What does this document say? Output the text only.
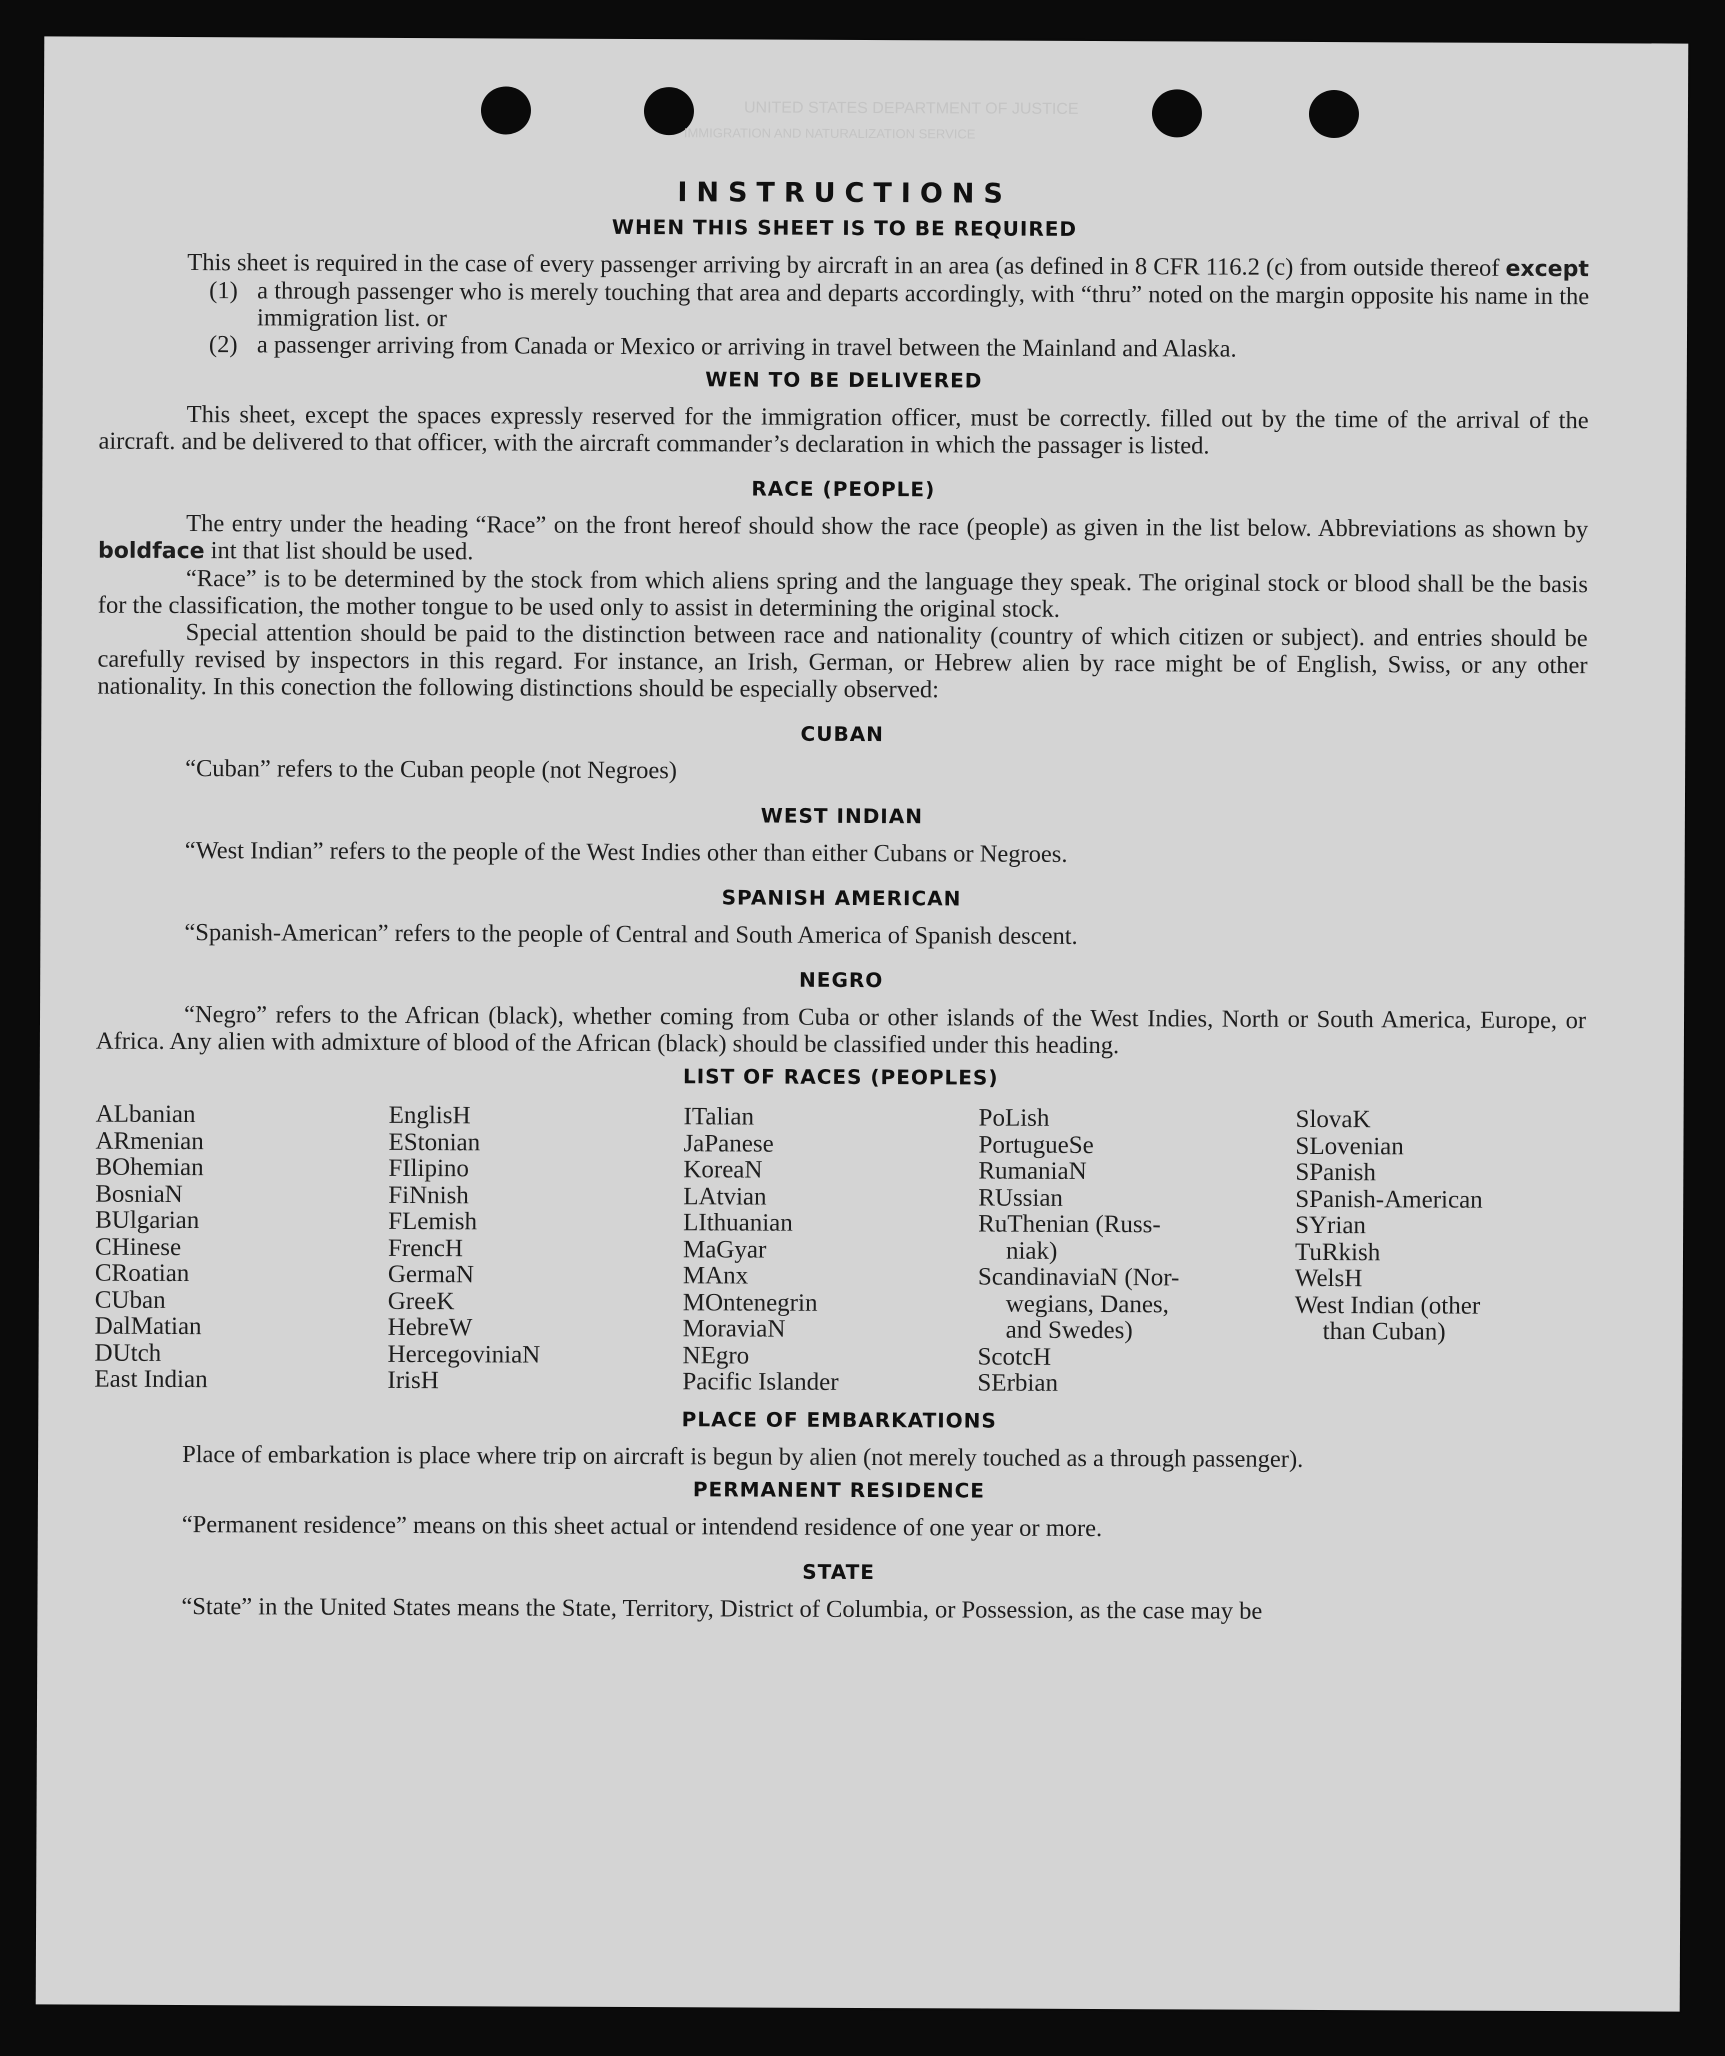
UNITED STATES DEPARTMENT OF JUSTICE
IMMIGRATION AND NATURALIZATION SERVICE
INSTRUCTIONS
WHEN THIS SHEET IS TO BE REQUIRED

This sheet is required in the case of every passenger arriving by aircraft in an area (as defined in 8 CFR 116.2 (c) from outside thereof except

(1) a through passenger who is merely touching that area and departs accordingly, with “thru” noted on the margin opposite his name in the immigration list. or
(2) a passenger arriving from Canada or Mexico or arriving in travel between the Mainland and Alaska.
WEN TO BE DELIVERED

This sheet, except the spaces expressly reserved for the immigration officer, must be correctly. filled out by the time of the arrival of the aircraft. and be delivered to that officer, with the aircraft commander’s declaration in which the passager is listed.

RACE (PEOPLE)

The entry under the heading “Race” on the front hereof should show the race (people) as given in the list below. Abbreviations as shown by boldface int that list should be used.

“Race” is to be determined by the stock from which aliens spring and the language they speak. The original stock or blood shall be the basis for the classification, the mother tongue to be used only to assist in determining the original stock.

Special attention should be paid to the distinction between race and nationality (country of which citizen or subject). and entries should be carefully revised by inspectors in this regard. For instance, an Irish, German, or Hebrew alien by race might be of English, Swiss, or any other nationality. In this conection the following distinctions should be especially observed:

CUBAN

“Cuban” refers to the Cuban people (not Negroes)

WEST INDIAN

“West Indian” refers to the people of the West Indies other than either Cubans or Negroes.

SPANISH AMERICAN

“Spanish-American” refers to the people of Central and South America of Spanish descent.

NEGRO

“Negro” refers to the African (black), whether coming from Cuba or other islands of the West Indies, North or South America, Europe, or Africa. Any alien with admixture of blood of the African (black) should be classified under this heading.

LIST OF RACES (PEOPLES)
ALbanian
ARmenian
BOhemian
BosniaN
BUlgarian
CHinese
CRoatian
CUban
DalMatian
DUtch
East Indian
EnglisH
EStonian
FIlipino
FiNnish
FLemish
FrencH
GermaN
GreeK
HebreW
HercegoviniaN
IrisH
ITalian
JaPanese
KoreaN
LAtvian
LIthuanian
MaGyar
MAnx
MOntenegrin
MoraviaN
NEgro
Pacific Islander
PoLish
PortugueSe
RumaniaN
RUssian
RuThenian (Russ-
niak)
ScandinaviaN (Nor-
wegians, Danes,
and Swedes)
ScotcH
SErbian
SlovaK
SLovenian
SPanish
SPanish-American
SYrian
TuRkish
WelsH
West Indian (other
than Cuban)
PLACE OF EMBARKATIONS

Place of embarkation is place where trip on aircraft is begun by alien (not merely touched as a through passenger).

PERMANENT RESIDENCE

“Permanent residence” means on this sheet actual or intendend residence of one year or more.

STATE

“State” in the United States means the State, Territory, District of Columbia, or Possession, as the case may be
